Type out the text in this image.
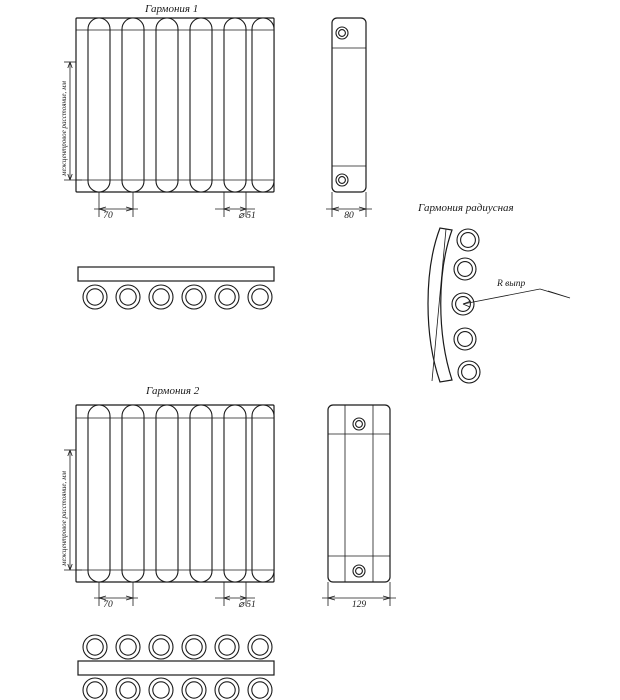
межцентровое расстояние, мм
Гармония 1
70	⌀ 51	80
Гармония радиусная
R выпр
Гармония 2
межцентровое расстояние, мм
70	⌀ 51	129
